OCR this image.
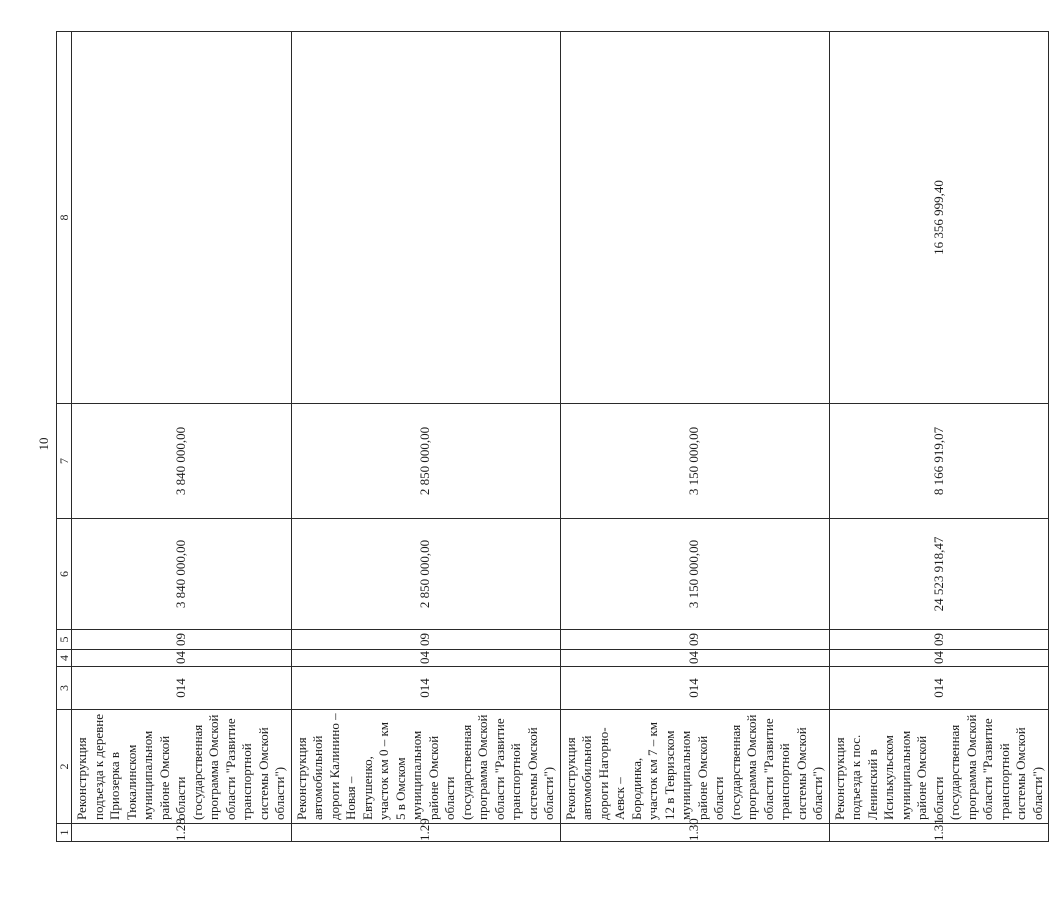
10
1	2	3	4	5	6	7	8
1.28	Реконструкция подъезда к деревне Приозерка в Тюкалинском муниципальном районе Омской области (государственная программа Омской области "Развитие транспортной системы Омской области")	014	04	09	3 840 000,00	3 840 000,00	
1.29	Реконструкция автомобильной дороги Калинино – Новая – Евтушенко, участок км 0 – км 5 в Омском муниципальном районе Омской области (государственная программа Омской области "Развитие транспортной системы Омской области")	014	04	09	2 850 000,00	2 850 000,00	
1.30	Реконструкция автомобильной дороги Нагорно-Аевск – Бородинка, участок км 7 – км 12 в Тевризском муниципальном районе Омской области (государственная программа Омской области "Развитие транспортной системы Омской области")	014	04	09	3 150 000,00	3 150 000,00	
1.31	Реконструкция подъезда к пос. Ленинский в Исилькульском муниципальном районе Омской области (государственная программа Омской области "Развитие транспортной системы Омской области")	014	04	09	24 523 918,47	8 166 919,07	16 356 999,40
